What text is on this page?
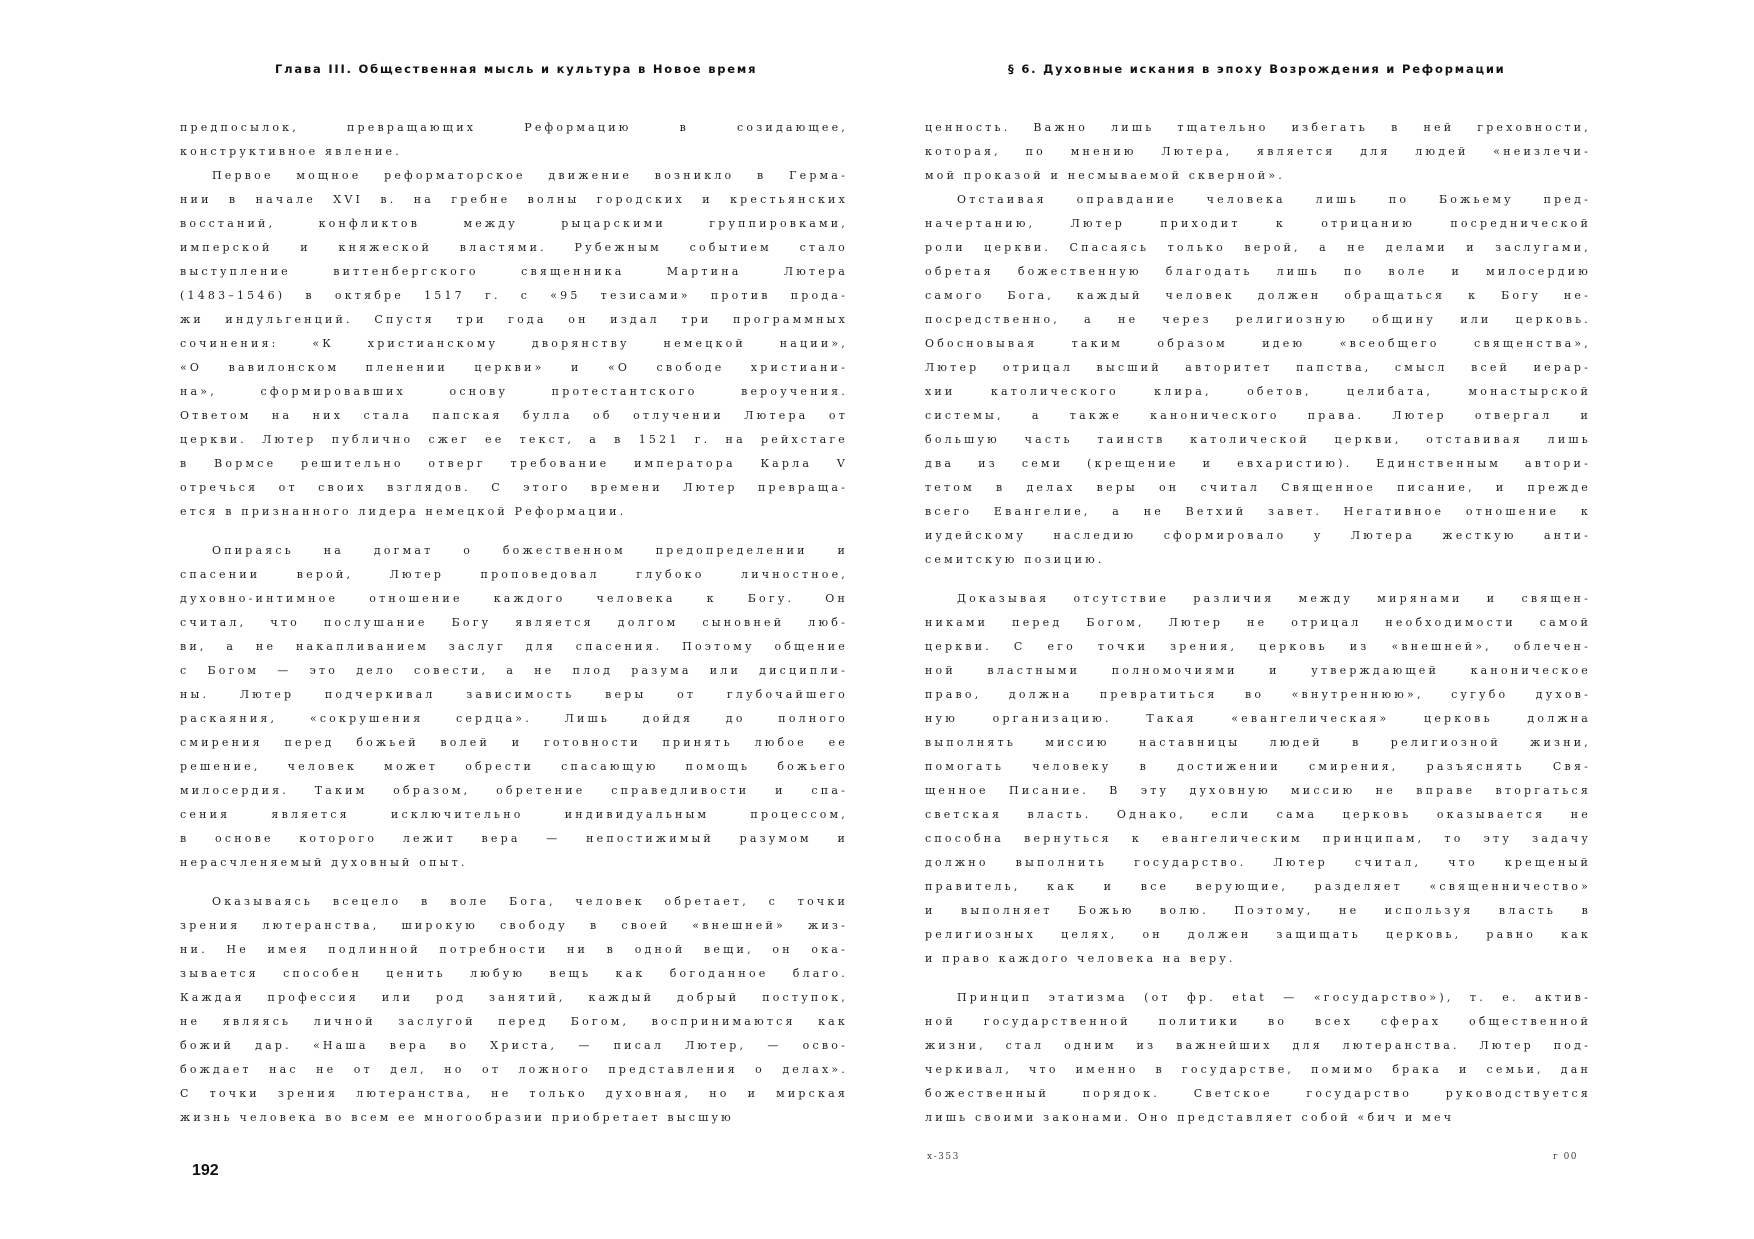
Глава III. Общественная мысль и культура в Новое время

предпосылок, превращающих Реформацию в созидающее,
конструктивное явление.

Первое мощное реформаторское движение возникло в Герма-
нии в начале XVI в. на гребне волны городских и крестьянских
восстаний, конфликтов между рыцарскими группировками,
имперской и княжеской властями. Рубежным событием стало
выступление виттенбергского священника Мартина Лютера
(1483–1546) в октябре 1517 г. с «95 тезисами» против прода-
жи индульгенций. Спустя три года он издал три программных
сочинения: «К христианскому дворянству немецкой нации»,
«О вавилонском пленении церкви» и «О свободе христиани-
на», сформировавших основу протестантского вероучения.
Ответом на них стала папская булла об отлучении Лютера от
церкви. Лютер публично сжег ее текст, а в 1521 г. на рейхстаге
в Вормсе решительно отверг требование императора Карла V
отречься от своих взглядов. С этого времени Лютер превраща-
ется в признанного лидера немецкой Реформации.

Опираясь на догмат о божественном предопределении и
спасении верой, Лютер проповедовал глубоко личностное,
духовно-интимное отношение каждого человека к Богу. Он
считал, что послушание Богу является долгом сыновней люб-
ви, а не накапливанием заслуг для спасения. Поэтому общение
с Богом — это дело совести, а не плод разума или дисципли-
ны. Лютер подчеркивал зависимость веры от глубочайшего
раскаяния, «сокрушения сердца». Лишь дойдя до полного
смирения перед божьей волей и готовности принять любое ее
решение, человек может обрести спасающую помощь божьего
милосердия. Таким образом, обретение справедливости и спа-
сения является исключительно индивидуальным процессом,
в основе которого лежит вера — непостижимый разумом и
нерасчленяемый духовный опыт.

Оказываясь всецело в воле Бога, человек обретает, с точки
зрения лютеранства, широкую свободу в своей «внешней» жиз-
ни. Не имея подлинной потребности ни в одной вещи, он ока-
зывается способен ценить любую вещь как богоданное благо.
Каждая профессия или род занятий, каждый добрый поступок,
не являясь личной заслугой перед Богом, воспринимаются как
божий дар. «Наша вера во Христа, — писал Лютер, — осво-
бождает нас не от дел, но от ложного представления о делах».
С точки зрения лютеранства, не только духовная, но и мирская
жизнь человека во всем ее многообразии приобретает высшую

192
§ 6. Духовные искания в эпоху Возрождения и Реформации

ценность. Важно лишь тщательно избегать в ней греховности,
которая, по мнению Лютера, является для людей «неизлечи-
мой проказой и несмываемой скверной».

Отстаивая оправдание человека лишь по Божьему пред-
начертанию, Лютер приходит к отрицанию посреднической
роли церкви. Спасаясь только верой, а не делами и заслугами,
обретая божественную благодать лишь по воле и милосердию
самого Бога, каждый человек должен обращаться к Богу не-
посредственно, а не через религиозную общину или церковь.
Обосновывая таким образом идею «всеобщего священства»,
Лютер отрицал высший авторитет папства, смысл всей иерар-
хии католического клира, обетов, целибата, монастырской
системы, а также канонического права. Лютер отвергал и
большую часть таинств католической церкви, отставивая лишь
два из семи (крещение и евхаристию). Единственным автори-
тетом в делах веры он считал Священное писание, и прежде
всего Евангелие, а не Ветхий завет. Негативное отношение к
иудейскому наследию сформировало у Лютера жесткую анти-
семитскую позицию.

Доказывая отсутствие различия между мирянами и священ-
никами перед Богом, Лютер не отрицал необходимости самой
церкви. С его точки зрения, церковь из «внешней», облечен-
ной властными полномочиями и утверждающей каноническое
право, должна превратиться во «внутреннюю», сугубо духов-
ную организацию. Такая «евангелическая» церковь должна
выполнять миссию наставницы людей в религиозной жизни,
помогать человеку в достижении смирения, разъяснять Свя-
щенное Писание. В эту духовную миссию не вправе вторгаться
светская власть. Однако, если сама церковь оказывается не
способна вернуться к евангелическим принципам, то эту задачу
должно выполнить государство. Лютер считал, что крещеный
правитель, как и все верующие, разделяет «священничество»
и выполняет Божью волю. Поэтому, не используя власть в
религиозных целях, он должен защищать церковь, равно как
и право каждого человека на веру.

Принцип этатизма (от фр. etat — «государство»), т. е. актив-
ной государственной политики во всех сферах общественной
жизни, стал одним из важнейших для лютеранства. Лютер под-
черкивал, что именно в государстве, помимо брака и семьи, дан
божественный порядок. Светское государство руководствуется
лишь своими законами. Оно представляет собой «бич и меч

х-353	г 00
